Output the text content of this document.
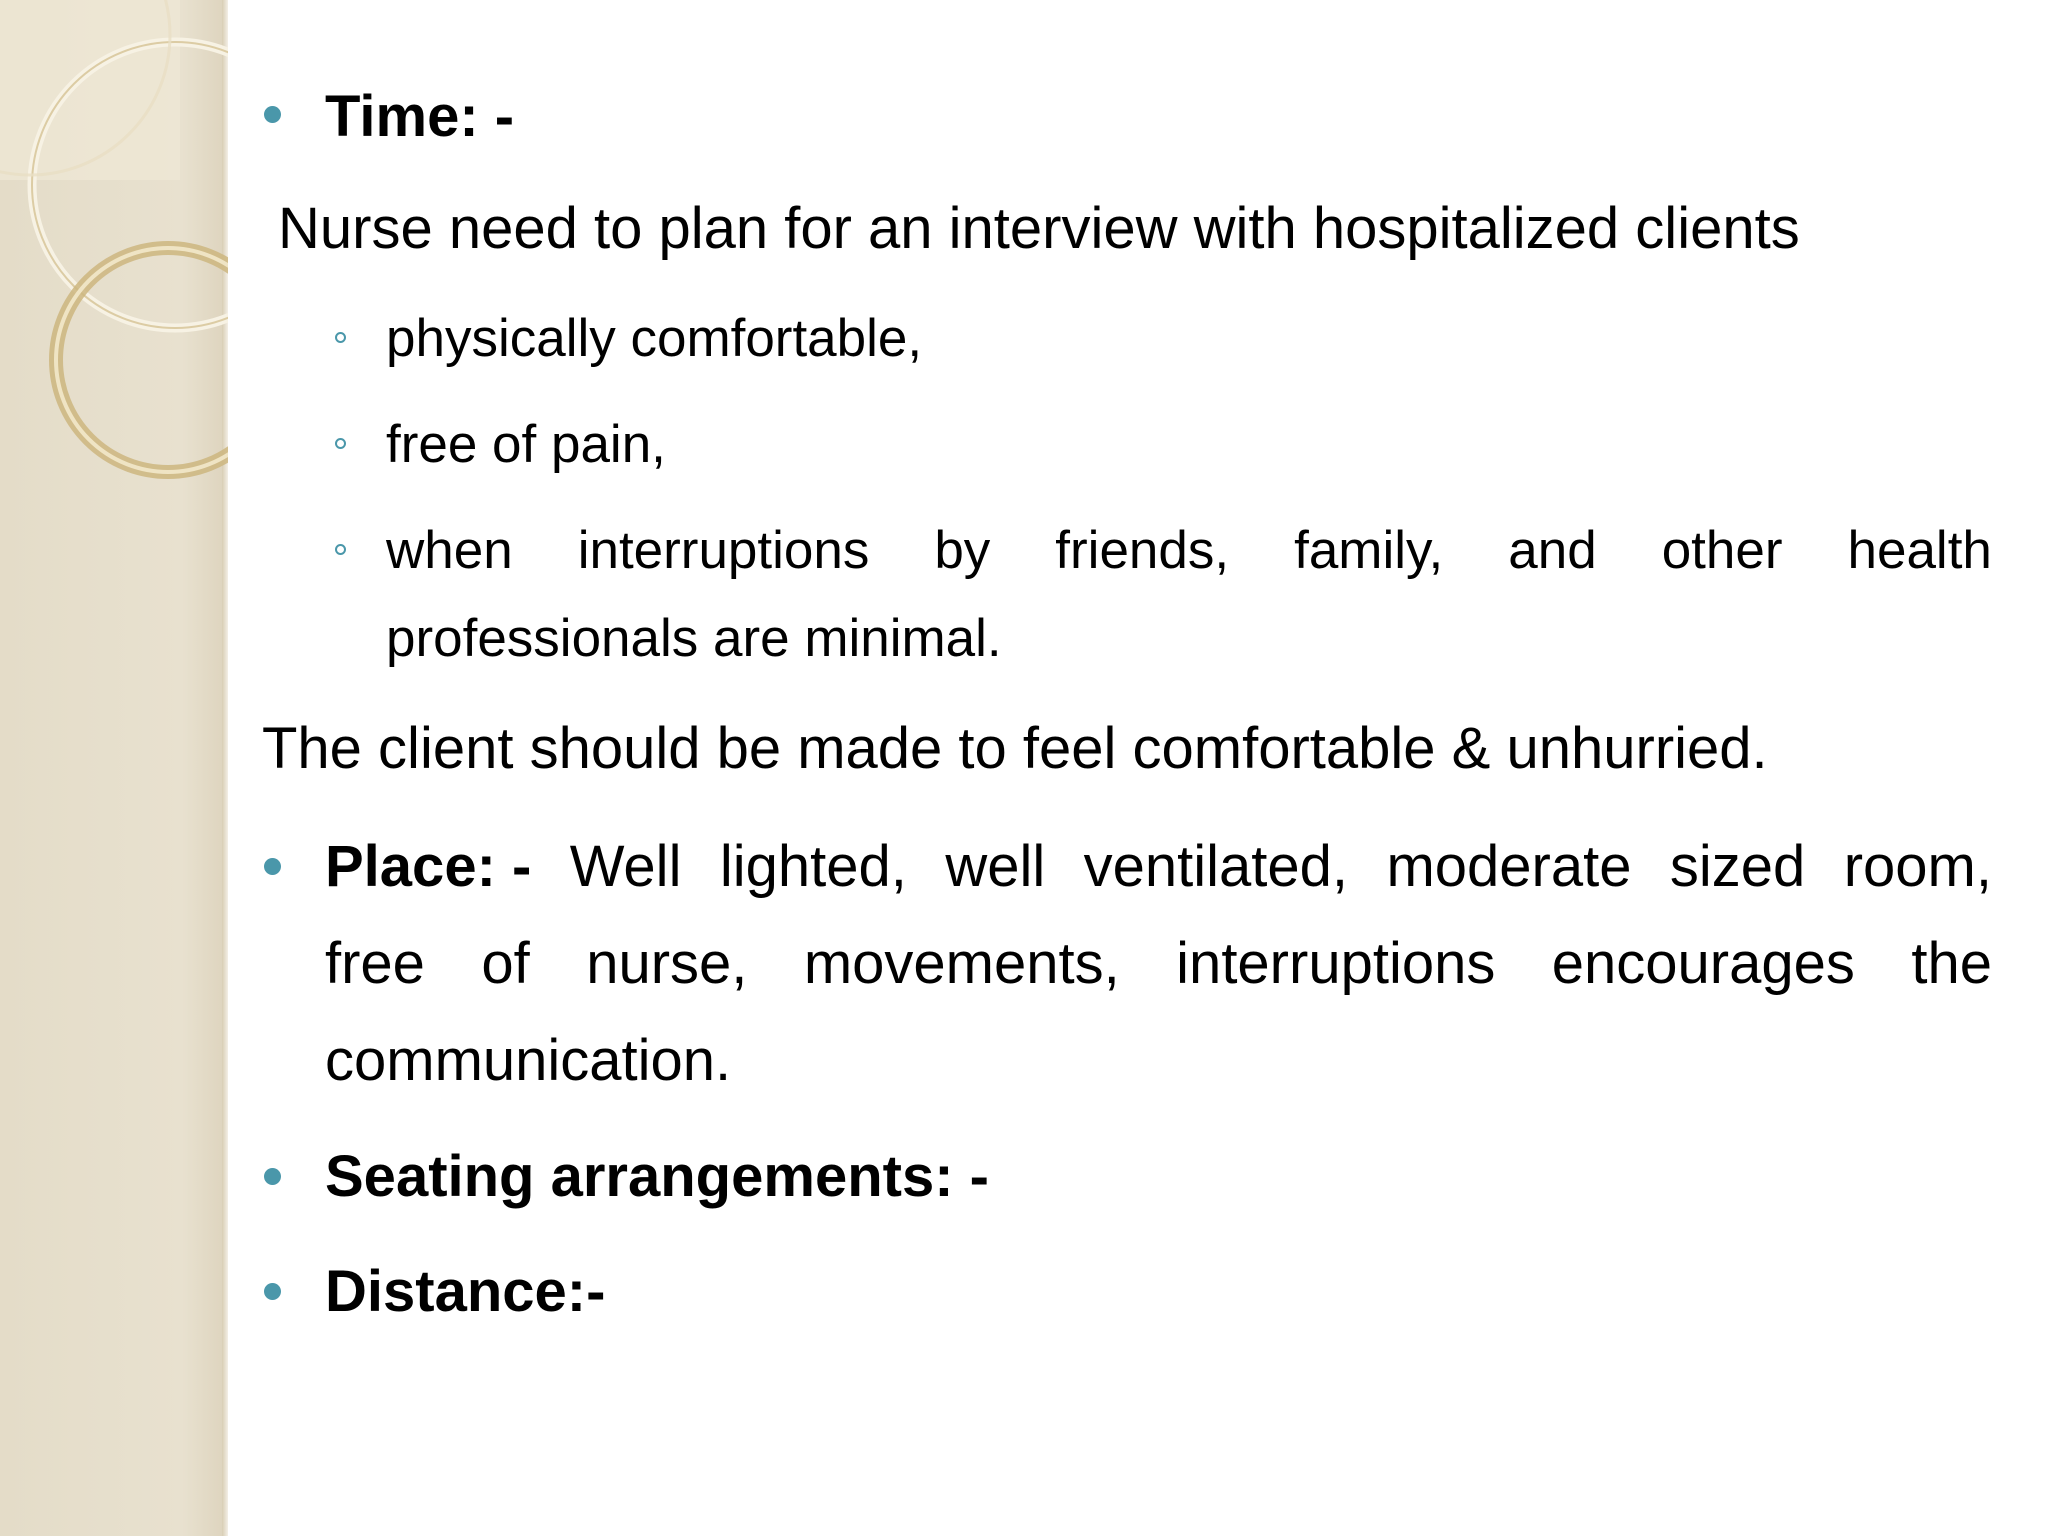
Time: -
Nurse need to plan for an interview with hospitalized clients
physically comfortable,
free of pain,
when interruptions by friends, family, and other health
professionals are minimal.
The client should be made to feel comfortable & unhurried.
Place: - Well lighted, well ventilated, moderate sized room,
free of nurse, movements, interruptions encourages the
communication.
Seating arrangements: -
Distance:-
